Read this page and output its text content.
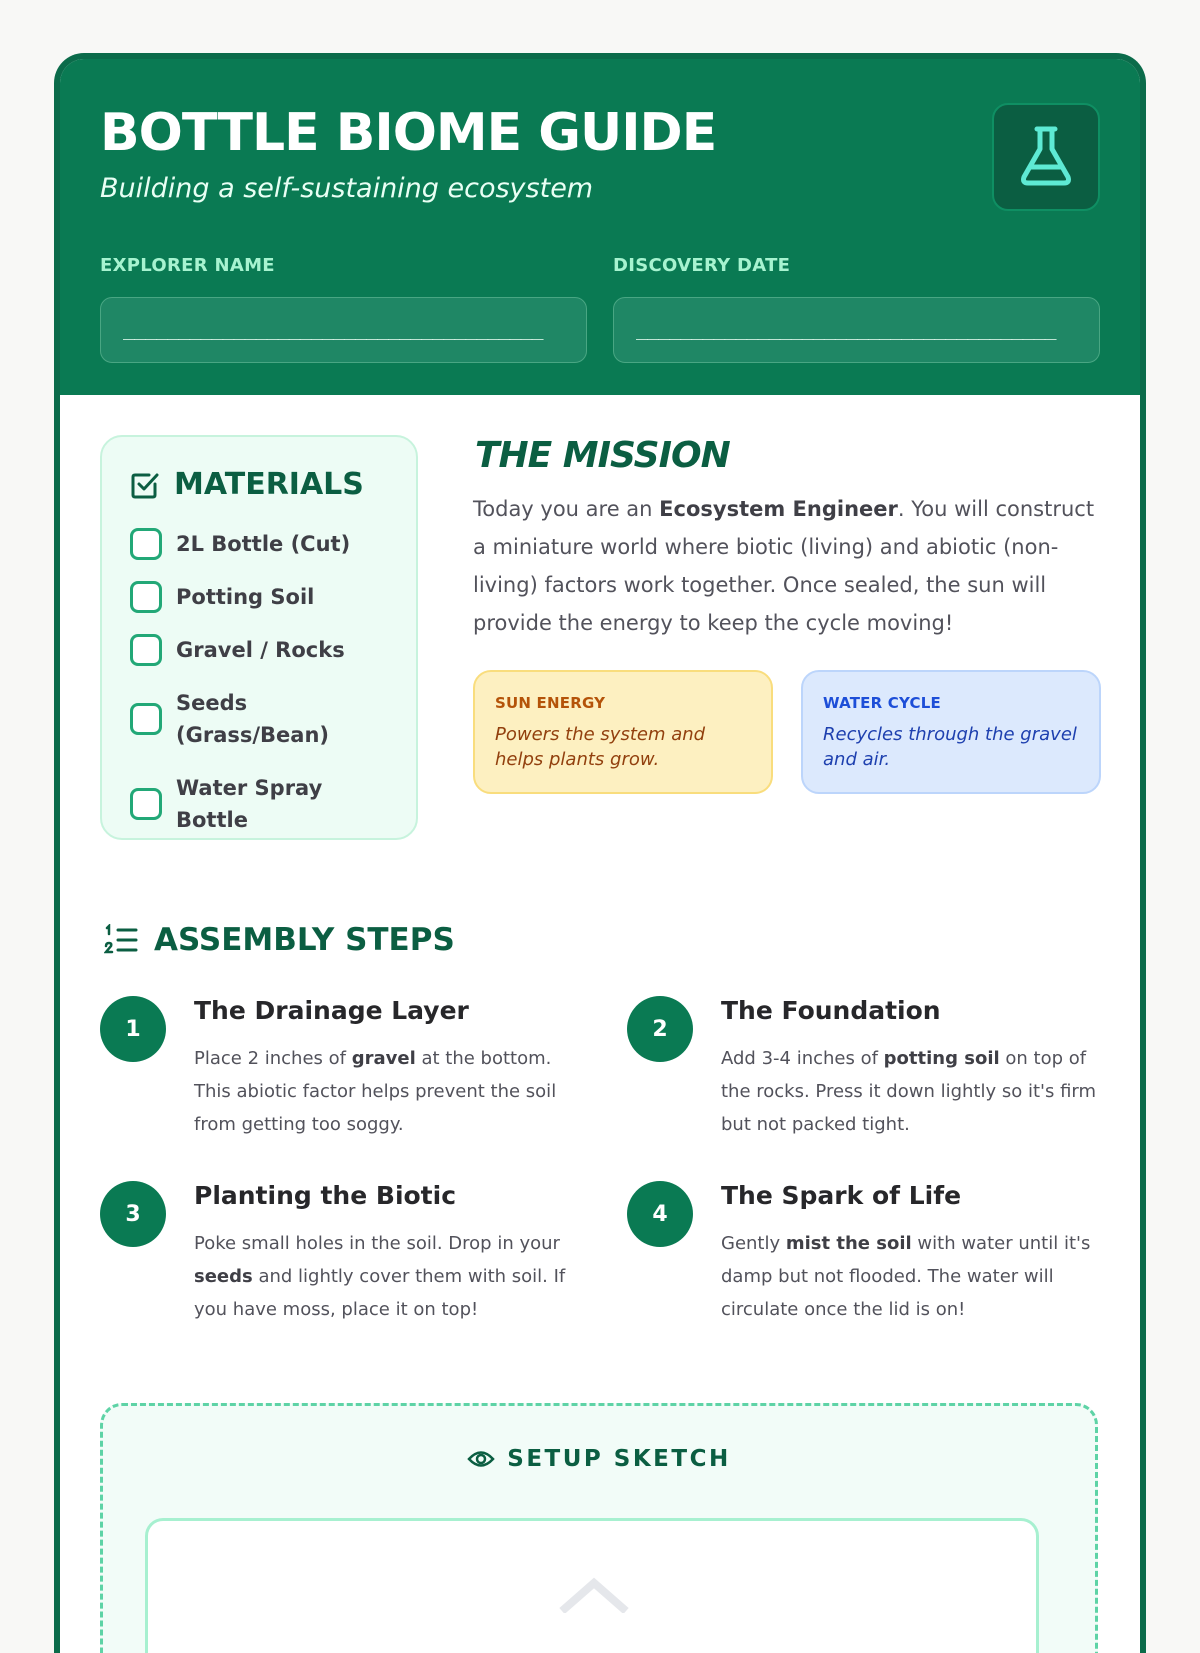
BOTTLE BIOME GUIDE
Building a self-sustaining ecosystem
EXPLORER NAME
______________________________________
DISCOVERY DATE
______________________________________
MATERIALS
2L Bottle (Cut)
Potting Soil
Gravel / Rocks
Seeds (Grass/Bean)
Water Spray Bottle
THE MISSION
Today you are an Ecosystem Engineer. You will construct a miniature world where biotic (living) and abiotic (non-living) factors work together. Once sealed, the sun will provide the energy to keep the cycle moving!
SUN ENERGY
Powers the system and helps plants grow.
WATER CYCLE
Recycles through the gravel and air.
ASSEMBLY STEPS
1
The Drainage Layer
Place 2 inches of gravel at the bottom. This abiotic factor helps prevent the soil from getting too soggy.
2
The Foundation
Add 3-4 inches of potting soil on top of the rocks. Press it down lightly so it's firm but not packed tight.
3
Planting the Biotic
Poke small holes in the soil. Drop in your seeds and lightly cover them with soil. If you have moss, place it on top!
4
The Spark of Life
Gently mist the soil with water until it's damp but not flooded. The water will circulate once the lid is on!
SETUP SKETCH
